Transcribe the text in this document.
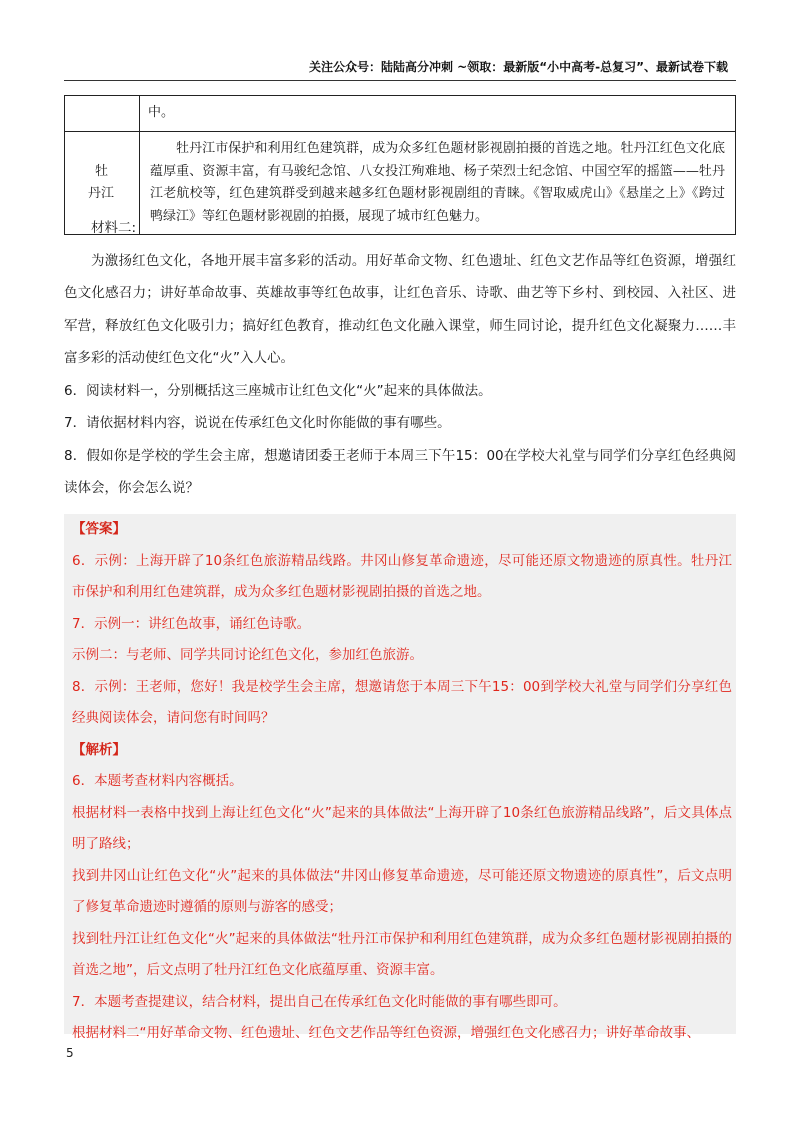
关注公众号：陆陆高分冲刺 ~领取：最新版“小中高考-总复习”、最新试卷下载
	中。

牡
丹江	牡丹江市保护和利用红色建筑群，成为众多红色题材影视剧拍摄的首选之地。牡丹江红色文化底蕴厚重、资源丰富，有马骏纪念馆、八女投江殉难地、杨子荣烈士纪念馆、中国空军的摇篮——牡丹江老航校等，红色建筑群受到越来越多红色题材影视剧组的青睐。《智取威虎山》《悬崖之上》《跨过鸭绿江》等红色题材影视剧的拍摄，展现了城市红色魅力。

材料二:

为激扬红色文化，各地开展丰富多彩的活动。用好革命文物、红色遗址、红色文艺作品等红色资源，增强红色文化感召力；讲好革命故事、英雄故事等红色故事，让红色音乐、诗歌、曲艺等下乡村、到校园、入社区、进军营，释放红色文化吸引力；搞好红色教育，推动红色文化融入课堂，师生同讨论，提升红色文化凝聚力……丰富多彩的活动使红色文化“火”入人心。

6．阅读材料一，分别概括这三座城市让红色文化“火”起来的具体做法。

7．请依据材料内容，说说在传承红色文化时你能做的事有哪些。

8．假如你是学校的学生会主席，想邀请团委王老师于本周三下午15：00在学校大礼堂与同学们分享红色经典阅读体会，你会怎么说？

【答案】

6．示例：上海开辟了10条红色旅游精品线路。井冈山修复革命遗迹，尽可能还原文物遗迹的原真性。牡丹江市保护和利用红色建筑群，成为众多红色题材影视剧拍摄的首选之地。

7．示例一：讲红色故事，诵红色诗歌。

示例二：与老师、同学共同讨论红色文化，参加红色旅游。

8．示例：王老师，您好！我是校学生会主席，想邀请您于本周三下午15：00到学校大礼堂与同学们分享红色经典阅读体会，请问您有时间吗？

【解析】

6．本题考查材料内容概括。

根据材料一表格中找到上海让红色文化“火”起来的具体做法“上海开辟了10条红色旅游精品线路”，后文具体点明了路线；

找到井冈山让红色文化“火”起来的具体做法“井冈山修复革命遗迹，尽可能还原文物遗迹的原真性”，后文点明了修复革命遗迹时遵循的原则与游客的感受；

找到牡丹江让红色文化“火”起来的具体做法“牡丹江市保护和利用红色建筑群，成为众多红色题材影视剧拍摄的首选之地”，后文点明了牡丹江红色文化底蕴厚重、资源丰富。

7．本题考查提建议，结合材料，提出自己在传承红色文化时能做的事有哪些即可。

根据材料二“用好革命文物、红色遗址、红色文艺作品等红色资源，增强红色文化感召力；讲好革命故事、

5
